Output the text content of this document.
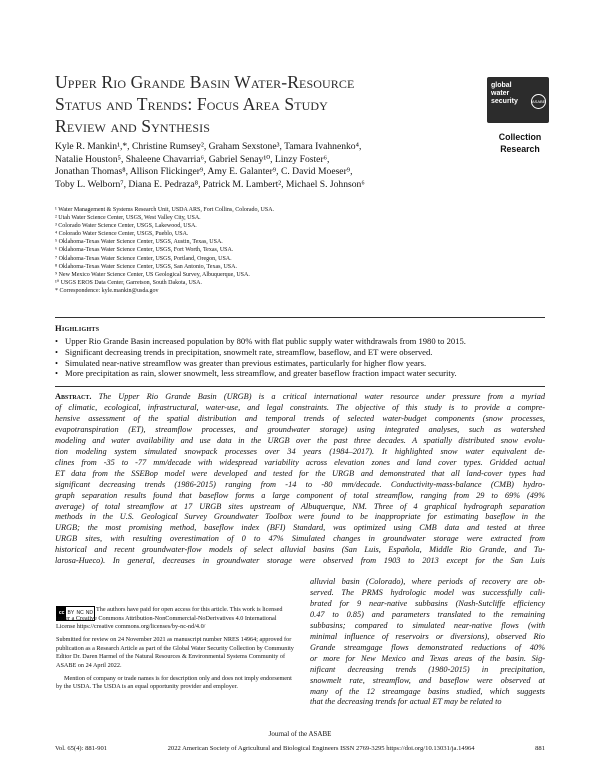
Upper Rio Grande Basin Water-Resource
Status and Trends: Focus Area Study
Review and Synthesis
global
water
security	ASABE
Collection
Research
Kyle R. Mankin¹,*, Christine Rumsey², Graham Sexstone³, Tamara Ivahnenko⁴,
Natalie Houston⁵, Shaleene Chavarria⁶, Gabriel Senay¹⁰, Linzy Foster⁶,
Jonathan Thomas⁸, Allison Flickinger⁹, Amy E. Galanter⁹, C. David Moeser⁹,
Toby L. Welborn⁷, Diana E. Pedraza⁸, Patrick M. Lambert², Michael S. Johnson⁶
¹ Water Management & Systems Research Unit, USDA ARS, Fort Collins, Colorado, USA.
² Utah Water Science Center, USGS, West Valley City, USA.
³ Colorado Water Science Center, USGS, Lakewood, USA.
⁴ Colorado Water Science Center, USGS, Pueblo, USA.
⁵ Oklahoma-Texas Water Science Center, USGS, Austin, Texas, USA.
⁶ Oklahoma-Texas Water Science Center, USGS, Fort Worth, Texas, USA.
⁷ Oklahoma-Texas Water Science Center, USGS, Portland, Oregon, USA.
⁸ Oklahoma-Texas Water Science Center, USGS, San Antonio, Texas, USA.
⁹ New Mexico Water Science Center, US Geological Survey, Albuquerque, USA.
¹⁰ USGS EROS Data Center, Garretson, South Dakota, USA.
* Correspondence: kyle.mankin@usda.gov
Highlights
• Upper Rio Grande Basin increased population by 80% with flat public supply water withdrawals from 1980 to 2015.
• Significant decreasing trends in precipitation, snowmelt rate, streamflow, baseflow, and ET were observed.
• Simulated near-native streamflow was greater than previous estimates, particularly for higher flow years.
• More precipitation as rain, slower snowmelt, less streamflow, and greater baseflow fraction impact water security.
Abstract. The Upper Rio Grande Basin (URGB) is a critical international water resource under pressure from a myriad
of climatic, ecological, infrastructural, water-use, and legal constraints. The objective of this study is to provide a compre-
hensive assessment of the spatial distribution and temporal trends of selected water-budget components (snow processes,
evapotranspiration (ET), streamflow processes, and groundwater storage) using integrated analyses, such as watershed
modeling and water availability and use data in the URGB over the past three decades. A spatially distributed snow evolu-
tion modeling system simulated snowpack processes over 34 years (1984–2017). It highlighted snow water equivalent de-
clines from -35 to -77 mm/decade with widespread variability across elevation zones and land cover types. Gridded actual
ET data from the SSEBop model were developed and tested for the URGB and demonstrated that all land-cover types had
significant decreasing trends (1986-2015) ranging from -14 to -80 mm/decade. Conductivity-mass-balance (CMB) hydro-
graph separation results found that baseflow forms a large component of total streamflow, ranging from 29 to 69% (49%
average) of total streamflow at 17 URGB sites upstream of Albuquerque, NM. Three of 4 graphical hydrograph separation
methods in the U.S. Geological Survey Groundwater Toolbox were found to be inappropriate for estimating baseflow in the
URGB; the most promising method, baseflow index (BFI) Standard, was optimized using CMB data and tested at three
URGB sites, with resulting overestimation of 0 to 47% Simulated changes in groundwater storage were extracted from
historical and recent groundwater-flow models of select alluvial basins (San Luis, Española, Middle Rio Grande, and Tu-
larosa-Hueco). In general, decreases in groundwater storage were observed from 1903 to 2013 except for the San Luis
alluvial basin (Colorado), where periods of recovery are ob-
served. The PRMS hydrologic model was successfully cali-
brated for 9 near-native subbasins (Nash-Sutcliffe efficiency
0.47 to 0.85) and parameters translated to the remaining
subbasins; compared to simulated near-native flows (with
minimal influence of reservoirs or diversions), observed Rio
Grande streamgage flows demonstrated reductions of 40%
or more for New Mexico and Texas areas of the basin. Sig-
nificant decreasing trends (1980-2015) in precipitation,
snowmelt rate, streamflow, and baseflow were observed at
many of the 12 streamgage basins studied, which suggests
that the decreasing trends for actual ET may be related to
cc BY NC ND The authors have paid for open access for this article. This work is licensed under a Creative Commons Attribution-NonCommercial-NoDerivatives 4.0 International License https://creative commons.org/licenses/by-nc-nd/4.0/

Submitted for review on 24 November 2021 as manuscript number NRES 14964; approved for publication as a Research Article as part of the Global Water Security Collection by Community Editor Dr. Daren Harmel of the Natural Resources & Environmental Systems Community of ASABE on 24 April 2022.

Mention of company or trade names is for description only and does not imply endorsement by the USDA. The USDA is an equal opportunity provider and employer.

Journal of the ASABE
Vol. 65(4): 881-901	2022 American Society of Agricultural and Biological Engineers ISSN 2769-3295 https://doi.org/10.13031/ja.14964	881
